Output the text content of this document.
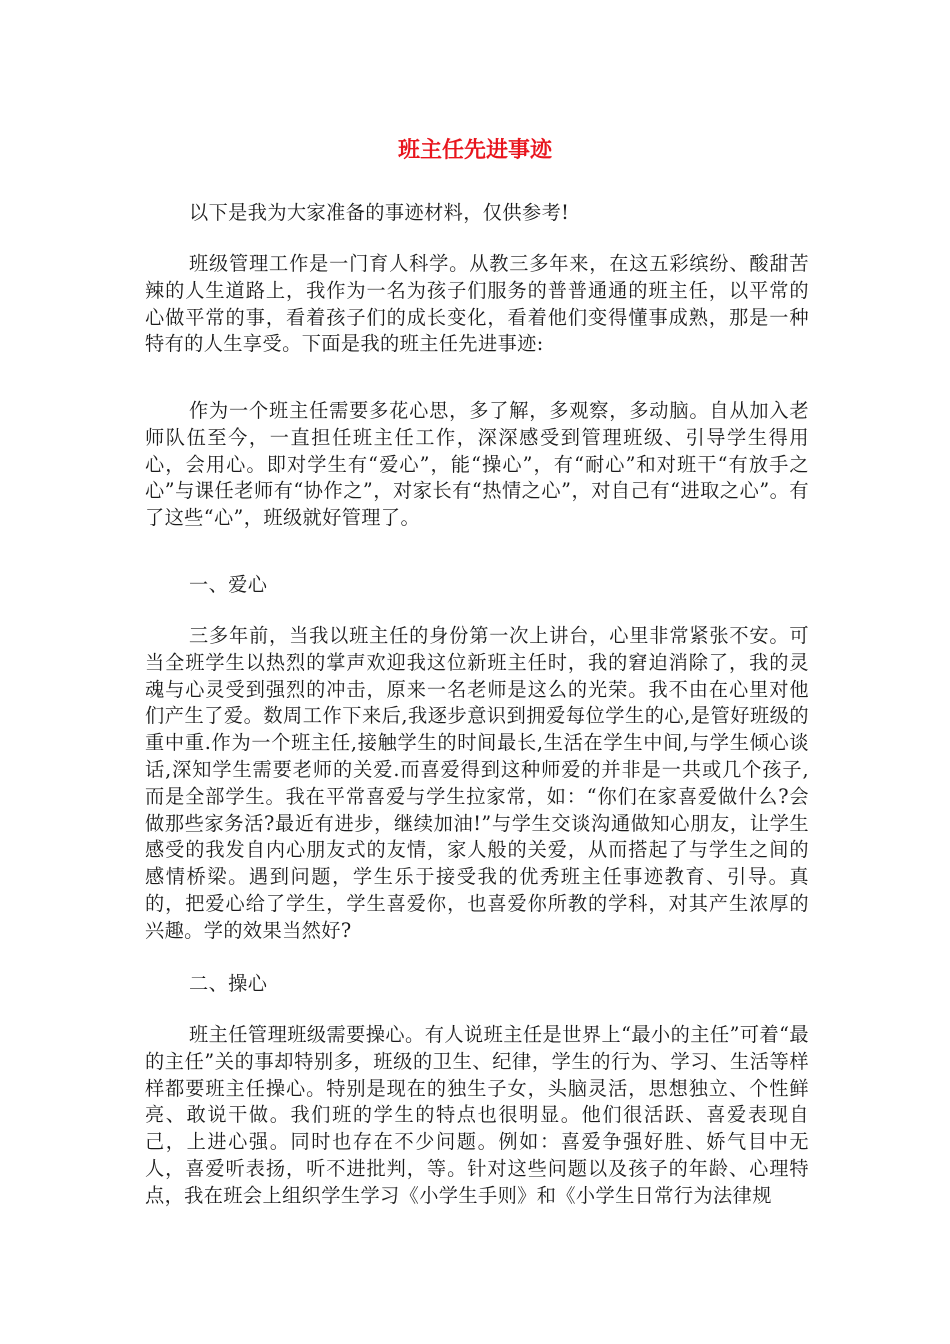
班主任先进事迹

以下是我为大家准备的事迹材料，仅供参考!

班级管理工作是一门育人科学。从教三多年来，在这五彩缤纷、酸甜苦辣的人生道路上，我作为一名为孩子们服务的普普通通的班主任，以平常的心做平常的事，看着孩子们的成长变化，看着他们变得懂事成熟，那是一种特有的人生享受。下面是我的班主任先进事迹:

作为一个班主任需要多花心思，多了解，多观察，多动脑。自从加入老师队伍至今，一直担任班主任工作，深深感受到管理班级、引导学生得用心，会用心。即对学生有“爱心”，能“操心”，有“耐心”和对班干“有放手之心”与课任老师有“协作之”，对家长有“热情之心”，对自己有“进取之心”。有了这些“心”，班级就好管理了。

一、爱心

三多年前，当我以班主任的身份第一次上讲台，心里非常紧张不安。可当全班学生以热烈的掌声欢迎我这位新班主任时，我的窘迫消除了，我的灵魂与心灵受到强烈的冲击，原来一名老师是这么的光荣。我不由在心里对他们产生了爱。数周工作下来后,我逐步意识到拥爱每位学生的心,是管好班级的重中重.作为一个班主任,接触学生的时间最长,生活在学生中间,与学生倾心谈话,深知学生需要老师的关爱.而喜爱得到这种师爱的并非是一共或几个孩子,而是全部学生。我在平常喜爱与学生拉家常，如：“你们在家喜爱做什么?会做那些家务活?最近有进步，继续加油!”与学生交谈沟通做知心朋友，让学生感受的我发自内心朋友式的友情，家人般的关爱，从而搭起了与学生之间的感情桥梁。遇到问题，学生乐于接受我的优秀班主任事迹教育、引导。真的，把爱心给了学生，学生喜爱你，也喜爱你所教的学科，对其产生浓厚的兴趣。学的效果当然好?

二、操心

班主任管理班级需要操心。有人说班主任是世界上“最小的主任”可着“最的主任”关的事却特别多，班级的卫生、纪律，学生的行为、学习、生活等样样都要班主任操心。特别是现在的独生子女，头脑灵活，思想独立、个性鲜亮、敢说干做。我们班的学生的特点也很明显。他们很活跃、喜爱表现自己，上进心强。同时也存在不少问题。例如：喜爱争强好胜、娇气目中无人，喜爱听表扬，听不进批判，等。针对这些问题以及孩子的年龄、心理特点，我在班会上组织学生学习《小学生手则》和《小学生日常行为法律规
